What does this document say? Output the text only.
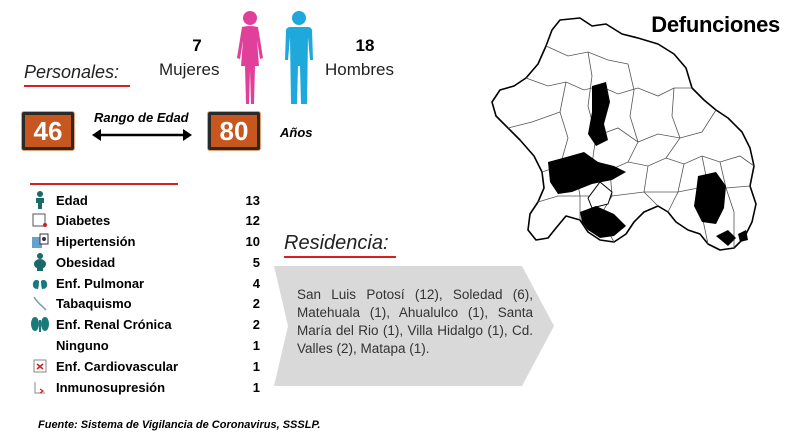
Defunciones
7
Mujeres
18
Hombres
Personales:
46	Rango de Edad	80	Años
Edad	13
Diabetes	12
Hipertensión	10
Obesidad	5
Enf. Pulmonar	4
Tabaquismo	2
Enf. Renal Crónica	2
Ninguno	1
Enf. Cardiovascular	1
Inmunosupresión	1
Residencia:
San Luis Potosí (12), Soledad (6), Matehuala (1), Ahualulco (1), Santa María del Rio (1), Villa Hidalgo (1), Cd. Valles (2), Matapa (1).
Fuente: Sistema de Vigilancia de Coronavirus, SSSLP.
